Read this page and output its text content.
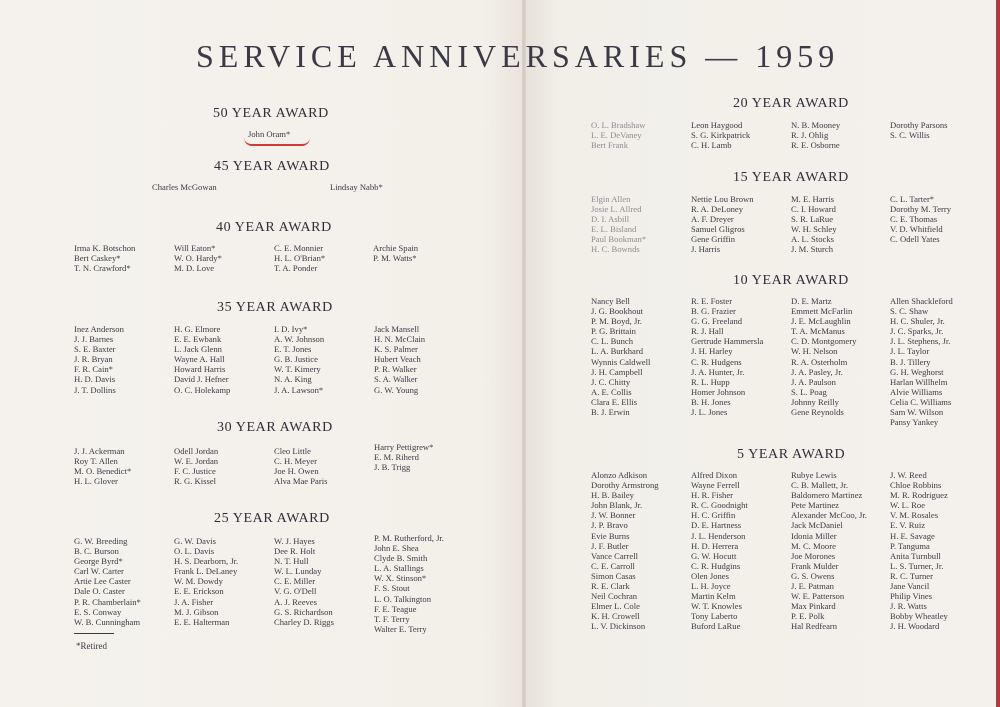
SERVICE ANNIVERSARIES — 1959
50 YEAR AWARD
John Oram*
45 YEAR AWARD
Charles McGowan	Lindsay Nabb*
40 YEAR AWARD
Irma K. Botschon
Bert Caskey*
T. N. Crawford*
Will Eaton*
W. O. Hardy*
M. D. Love
C. E. Monnier
H. L. O'Brian*
T. A. Ponder
Archie Spain
P. M. Watts*
35 YEAR AWARD
Inez Anderson
J. J. Barnes
S. E. Baxter
J. R. Bryan
F. R. Cain*
H. D. Davis
J. T. Dollins
H. G. Elmore
E. E. Ewbank
L. Jack Glenn
Wayne A. Hall
Howard Harris
David J. Hefner
O. C. Holekamp
I. D. Ivy*
A. W. Johnson
E. T. Jones
G. B. Justice
W. T. Kimery
N. A. King
J. A. Lawson*
Jack Mansell
H. N. McClain
K. S. Palmer
Hubert Veach
P. R. Walker
S. A. Walker
G. W. Young
30 YEAR AWARD
J. J. Ackerman
Roy T. Allen
M. O. Benedict*
H. L. Glover
Odell Jordan
W. E. Jordan
F. C. Justice
R. G. Kissel
Cleo Little
C. H. Meyer
Joe H. Owen
Alva Mae Paris
Harry Pettigrew*
E. M. Riherd
J. B. Trigg
25 YEAR AWARD
G. W. Breeding
B. C. Burson
George Byrd*
Carl W. Carter
Artie Lee Caster
Dale O. Caster
P. R. Chamberlain*
E. S. Conway
W. B. Cunningham
G. W. Davis
O. L. Davis
H. S. Dearborn, Jr.
Frank L. DeLaney
W. M. Dowdy
E. E. Erickson
J. A. Fisher
M. J. Gibson
E. E. Halterman
W. J. Hayes
Dee R. Holt
N. T. Hull
W. L. Lunday
C. E. Miller
V. G. O'Dell
A. J. Reeves
G. S. Richardson
Charley D. Riggs
P. M. Rutherford, Jr.
John E. Shea
Clyde B. Smith
L. A. Stallings
W. X. Stinson*
F. S. Stout
L. O. Talkington
F. E. Teague
T. F. Terry
Walter E. Terry

*Retired

20 YEAR AWARD
O. L. Bradshaw
L. E. DeVaney
Bert Frank
Leon Haygood
S. G. Kirkpatrick
C. H. Lamb
N. B. Mooney
R. J. Ohlig
R. E. Osborne
Dorothy Parsons
S. C. Willis
15 YEAR AWARD
Elgin Allen
Josie L. Allred
D. I. Asbill
E. L. Bisland
Paul Bookman*
H. C. Bownds
Nettie Lou Brown
R. A. DeLoney
A. F. Dreyer
Samuel Gligros
Gene Griffin
J. Harris
M. E. Harris
C. I. Howard
S. R. LaRue
W. H. Schley
A. L. Stocks
J. M. Sturch
C. L. Tarter*
Dorothy M. Terry
C. E. Thomas
V. D. Whitfield
C. Odell Yates
10 YEAR AWARD
Nancy Bell
J. G. Bookhout
P. M. Boyd, Jr.
P. G. Brittain
C. L. Bunch
L. A. Burkhard
Wynnis Caldwell
J. H. Campbell
J. C. Chitty
A. E. Collis
Clara E. Ellis
B. J. Erwin
R. E. Foster
B. G. Frazier
G. G. Freeland
R. J. Hall
Gertrude Hammersla
J. H. Harley
C. R. Hudgens
J. A. Hunter, Jr.
R. L. Hupp
Homer Johnson
B. H. Jones
J. L. Jones
D. E. Martz
Emmett McFarlin
J. E. McLaughlin
T. A. McManus
C. D. Montgomery
W. H. Nelson
R. A. Osterholm
J. A. Pasley, Jr.
J. A. Paulson
S. L. Poag
Johnny Reilly
Gene Reynolds
Allen Shackleford
S. C. Shaw
H. C. Shuler, Jr.
J. C. Sparks, Jr.
J. L. Stephens, Jr.
J. L. Taylor
B. J. Tillery
G. H. Weghorst
Harlan Willhelm
Alvie Williams
Celia C. Williams
Sam W. Wilson
Pansy Yankey
5 YEAR AWARD
Alonzo Adkison
Dorothy Armstrong
H. B. Bailey
John Blank, Jr.
J. W. Bonner
J. P. Bravo
Evie Burns
J. F. Butler
Vance Carrell
C. E. Carroll
Simon Casas
R. E. Clark
Neil Cochran
Elmer L. Cole
K. H. Crowell
L. V. Dickinson
Alfred Dixon
Wayne Ferrell
H. R. Fisher
R. C. Goodnight
H. C. Griffin
D. E. Hartness
J. L. Henderson
H. D. Herrera
G. W. Hocutt
C. R. Hudgins
Olen Jones
L. H. Joyce
Martin Kelm
W. T. Knowles
Tony Laberto
Buford LaRue
Rubye Lewis
C. B. Mallett, Jr.
Baldomero Martinez
Pete Martinez
Alexander McCoo, Jr.
Jack McDaniel
Idonia Miller
M. C. Moore
Joe Morones
Frank Mulder
G. S. Owens
J. E. Patman
W. E. Patterson
Max Pinkard
P. E. Polk
Hal Redfearn
J. W. Reed
Chloe Robbins
M. R. Rodriguez
W. L. Roe
V. M. Rosales
E. V. Ruiz
H. E. Savage
P. Tanguma
Anita Turnbull
L. S. Turner, Jr.
R. C. Turner
Jane Vancil
Philip Vines
J. R. Watts
Bobby Wheatley
J. H. Woodard
